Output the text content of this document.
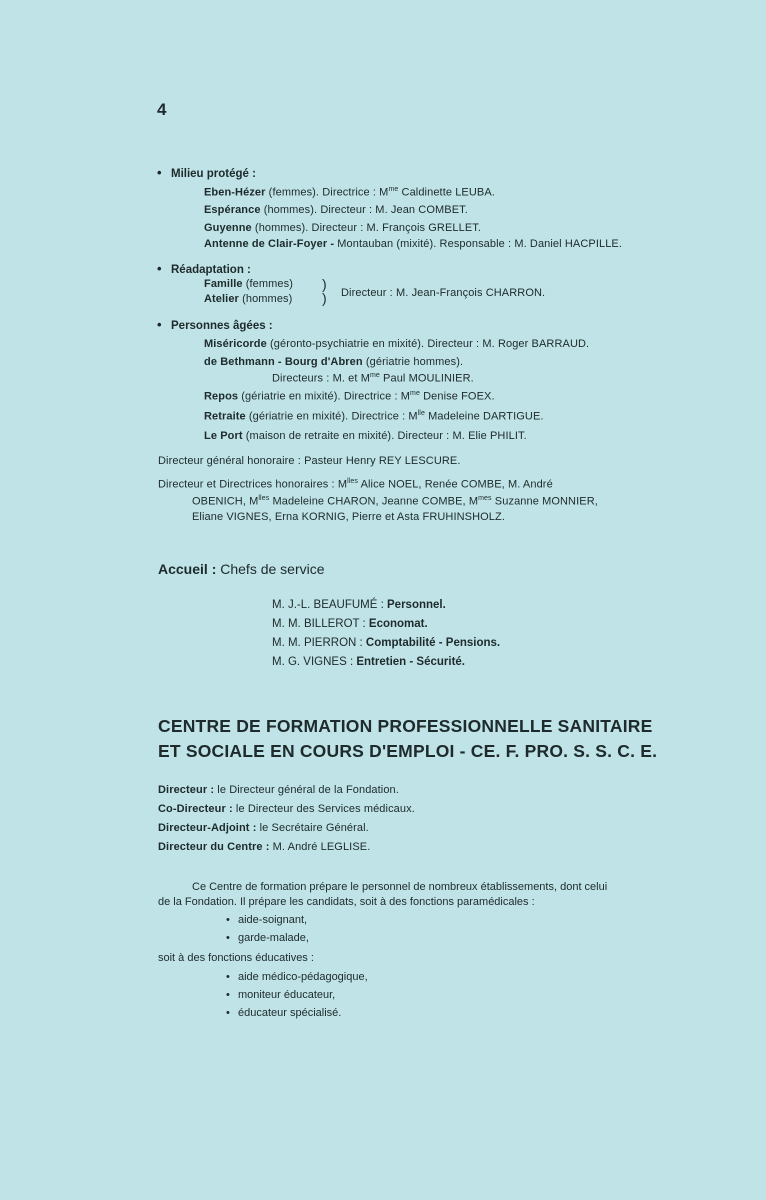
4
• Milieu protégé :
Eben-Hézer (femmes). Directrice : $M^{me}$ Caldinette LEUBA.
Espérance (hommes). Directeur : M. Jean COMBET.
Guyenne (hommes). Directeur : M. François GRELLET.
Antenne de Clair-Foyer - Montauban (mixité). Responsable : M. Daniel HACPILLE.
• Réadaptation :
Famille (femmes)
Atelier (hommes)
)
) Directeur : M. Jean-François CHARRON.
• Personnes âgées :
Miséricorde (géronto-psychiatrie en mixité). Directeur : M. Roger BARRAUD.
de Bethmann - Bourg d'Abren (gériatrie hommes).
Directeurs : M. et $M^{me}$ Paul MOULINIER.
Repos (gériatrie en mixité). Directrice : $M^{me}$ Denise FOEX.
Retraite (gériatrie en mixité). Directrice : $M^{lle}$ Madeleine DARTIGUE.
Le Port (maison de retraite en mixité). Directeur : M. Elie PHILIT.
Directeur général honoraire : Pasteur Henry REY LESCURE.
Directeur et Directrices honoraires : $M^{lles}$ Alice NOEL, Renée COMBE, M. André
OBENICH, $M^{lles}$ Madeleine CHARON, Jeanne COMBE, $M^{mes}$ Suzanne MONNIER,
Eliane VIGNES, Erna KORNIG, Pierre et Asta FRUHINSHOLZ.
Accueil : Chefs de service
M. J.-L. BEAUFUMÉ : Personnel.
M. M. BILLEROT : Economat.
M. M. PIERRON : Comptabilité - Pensions.
M. G. VIGNES : Entretien - Sécurité.
CENTRE DE FORMATION PROFESSIONNELLE SANITAIRE
ET SOCIALE EN COURS D'EMPLOI - CE. F. PRO. S. S. C. E.
Directeur : le Directeur général de la Fondation.
Co-Directeur : le Directeur des Services médicaux.
Directeur-Adjoint : le Secrétaire Général.
Directeur du Centre : M. André LEGLISE.
Ce Centre de formation prépare le personnel de nombreux établissements, dont celui
de la Fondation. Il prépare les candidats, soit à des fonctions paramédicales :
• aide-soignant,
• garde-malade,
soit à des fonctions éducatives :
• aide médico-pédagogique,
• moniteur éducateur,
• éducateur spécialisé.
